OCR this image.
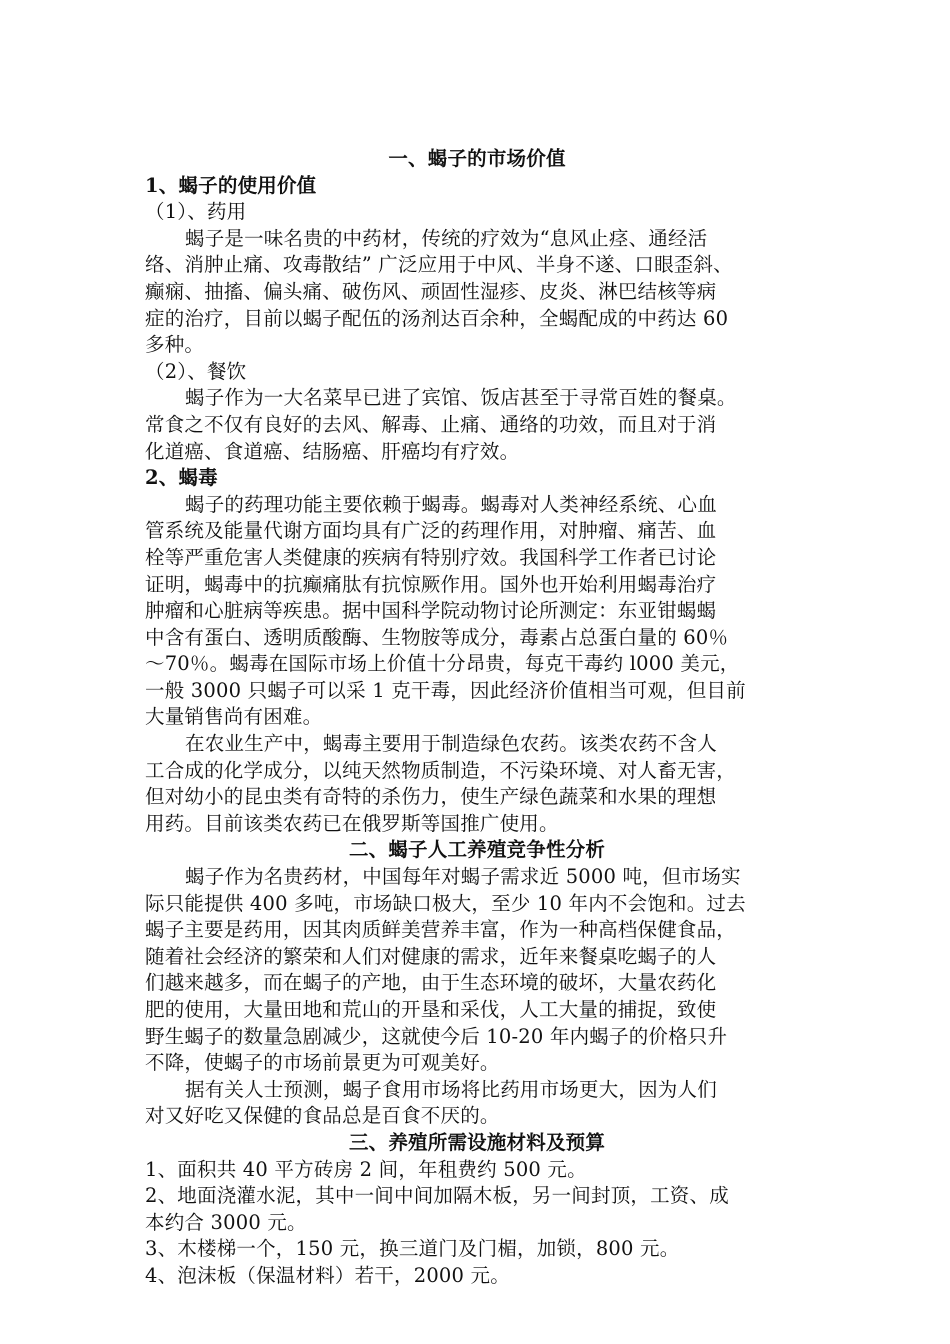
一、蝎子的市场价值
1、蝎子的使用价值
（1）、药用
蝎子是一味名贵的中药材，传统的疗效为“息风止痉、通经活
络、消肿止痛、攻毒散结” 广泛应用于中风、半身不遂、口眼歪斜、
癫痫、抽搐、偏头痛、破伤风、顽固性湿疹、皮炎、淋巴结核等病
症的治疗，目前以蝎子配伍的汤剂达百余种，全蝎配成的中药达 60
多种。
（2）、餐饮
蝎子作为一大名菜早已进了宾馆、饭店甚至于寻常百姓的餐桌。
常食之不仅有良好的去风、解毒、止痛、通络的功效，而且对于消
化道癌、食道癌、结肠癌、肝癌均有疗效。
2、蝎毒
蝎子的药理功能主要依赖于蝎毒。蝎毒对人类神经系统、心血
管系统及能量代谢方面均具有广泛的药理作用，对肿瘤、痛苦、血
栓等严重危害人类健康的疾病有特别疗效。我国科学工作者已讨论
证明，蝎毒中的抗癫痛肽有抗惊厥作用。国外也开始利用蝎毒治疗
肿瘤和心脏病等疾患。据中国科学院动物讨论所测定：东亚钳蝎蝎
中含有蛋白、透明质酸酶、生物胺等成分，毒素占总蛋白量的 60％
～70％。蝎毒在国际市场上价值十分昂贵，每克干毒约 l000 美元，
一般 3000 只蝎子可以采 1 克干毒，因此经济价值相当可观，但目前
大量销售尚有困难。
在农业生产中，蝎毒主要用于制造绿色农药。该类农药不含人
工合成的化学成分，以纯天然物质制造，不污染环境、对人畜无害，
但对幼小的昆虫类有奇特的杀伤力，使生产绿色蔬菜和水果的理想
用药。目前该类农药已在俄罗斯等国推广使用。
二、蝎子人工养殖竞争性分析
蝎子作为名贵药材，中国每年对蝎子需求近 5000 吨，但市场实
际只能提供 400 多吨，市场缺口极大，至少 10 年内不会饱和。过去
蝎子主要是药用，因其肉质鲜美营养丰富，作为一种高档保健食品，
随着社会经济的繁荣和人们对健康的需求，近年来餐桌吃蝎子的人
们越来越多，而在蝎子的产地，由于生态环境的破坏，大量农药化
肥的使用，大量田地和荒山的开垦和采伐，人工大量的捕捉，致使
野生蝎子的数量急剧减少，这就使今后 10-20 年内蝎子的价格只升
不降，使蝎子的市场前景更为可观美好。
据有关人士预测，蝎子食用市场将比药用市场更大，因为人们
对又好吃又保健的食品总是百食不厌的。
三、养殖所需设施材料及预算
1、面积共 40 平方砖房 2 间，年租费约 500 元。
2、地面浇灌水泥，其中一间中间加隔木板，另一间封顶，工资、成
本约合 3000 元。
3、木楼梯一个，150 元，换三道门及门楣，加锁，800 元。
4、泡沫板（保温材料）若干，2000 元。
